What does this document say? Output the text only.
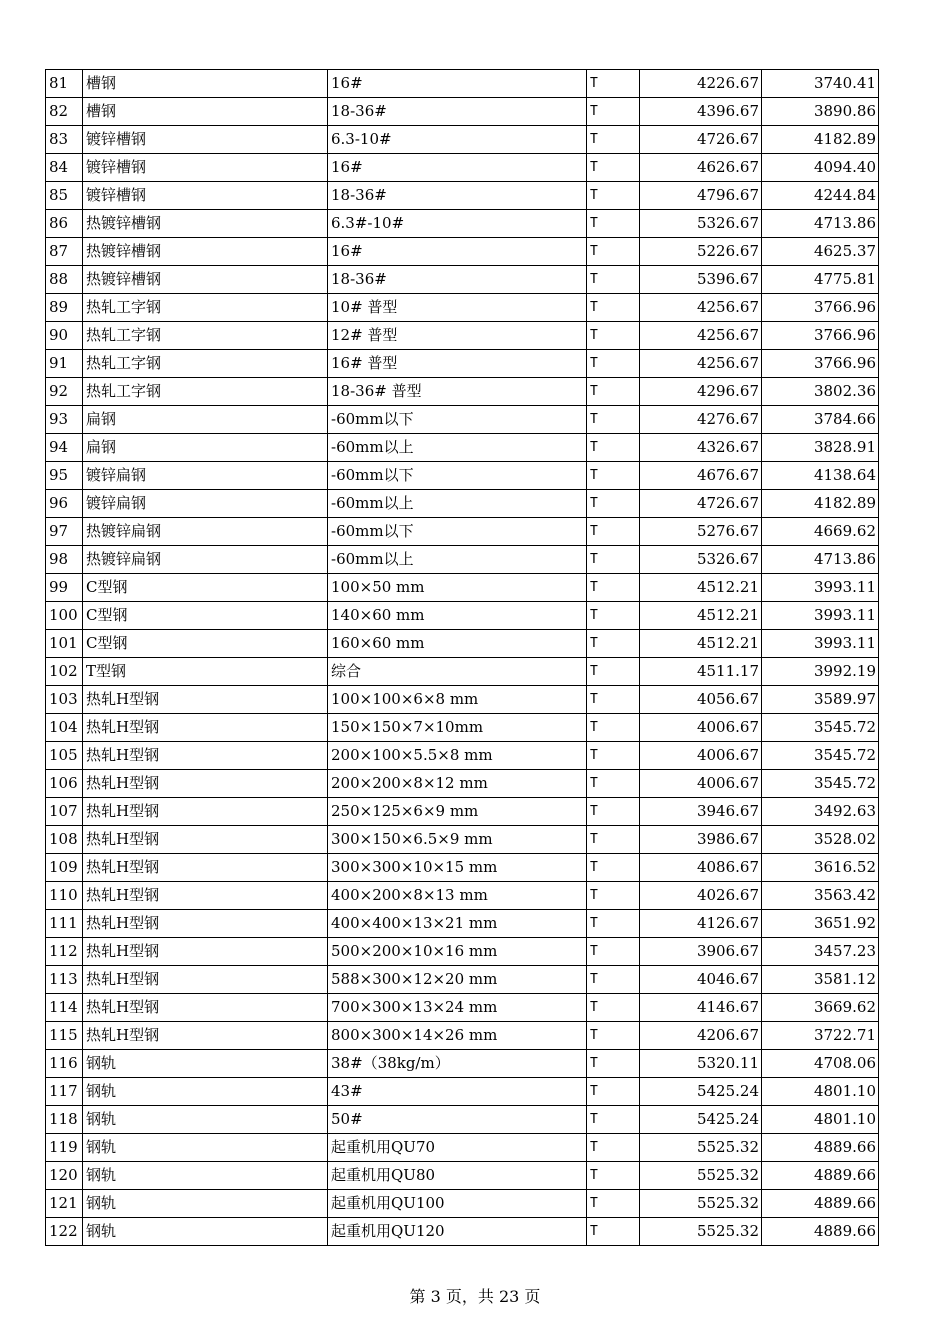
81	槽钢	16#	T	4226.67	3740.41
82	槽钢	18-36#	T	4396.67	3890.86
83	镀锌槽钢	6.3-10#	T	4726.67	4182.89
84	镀锌槽钢	16#	T	4626.67	4094.40
85	镀锌槽钢	18-36#	T	4796.67	4244.84
86	热镀锌槽钢	6.3#-10#	T	5326.67	4713.86
87	热镀锌槽钢	16#	T	5226.67	4625.37
88	热镀锌槽钢	18-36#	T	5396.67	4775.81
89	热轧工字钢	10# 普型	T	4256.67	3766.96
90	热轧工字钢	12# 普型	T	4256.67	3766.96
91	热轧工字钢	16# 普型	T	4256.67	3766.96
92	热轧工字钢	18-36# 普型	T	4296.67	3802.36
93	扁钢	-60mm以下	T	4276.67	3784.66
94	扁钢	-60mm以上	T	4326.67	3828.91
95	镀锌扁钢	-60mm以下	T	4676.67	4138.64
96	镀锌扁钢	-60mm以上	T	4726.67	4182.89
97	热镀锌扁钢	-60mm以下	T	5276.67	4669.62
98	热镀锌扁钢	-60mm以上	T	5326.67	4713.86
99	C型钢	100×50 mm	T	4512.21	3993.11
100	C型钢	140×60 mm	T	4512.21	3993.11
101	C型钢	160×60 mm	T	4512.21	3993.11
102	T型钢	综合	T	4511.17	3992.19
103	热轧H型钢	100×100×6×8 mm	T	4056.67	3589.97
104	热轧H型钢	150×150×7×10mm	T	4006.67	3545.72
105	热轧H型钢	200×100×5.5×8 mm	T	4006.67	3545.72
106	热轧H型钢	200×200×8×12 mm	T	4006.67	3545.72
107	热轧H型钢	250×125×6×9 mm	T	3946.67	3492.63
108	热轧H型钢	300×150×6.5×9 mm	T	3986.67	3528.02
109	热轧H型钢	300×300×10×15 mm	T	4086.67	3616.52
110	热轧H型钢	400×200×8×13 mm	T	4026.67	3563.42
111	热轧H型钢	400×400×13×21 mm	T	4126.67	3651.92
112	热轧H型钢	500×200×10×16 mm	T	3906.67	3457.23
113	热轧H型钢	588×300×12×20 mm	T	4046.67	3581.12
114	热轧H型钢	700×300×13×24 mm	T	4146.67	3669.62
115	热轧H型钢	800×300×14×26 mm	T	4206.67	3722.71
116	钢轨	38#（38kg/m）	T	5320.11	4708.06
117	钢轨	43#	T	5425.24	4801.10
118	钢轨	50#	T	5425.24	4801.10
119	钢轨	起重机用QU70	T	5525.32	4889.66
120	钢轨	起重机用QU80	T	5525.32	4889.66
121	钢轨	起重机用QU100	T	5525.32	4889.66
122	钢轨	起重机用QU120	T	5525.32	4889.66
第 3 页，共 23 页
